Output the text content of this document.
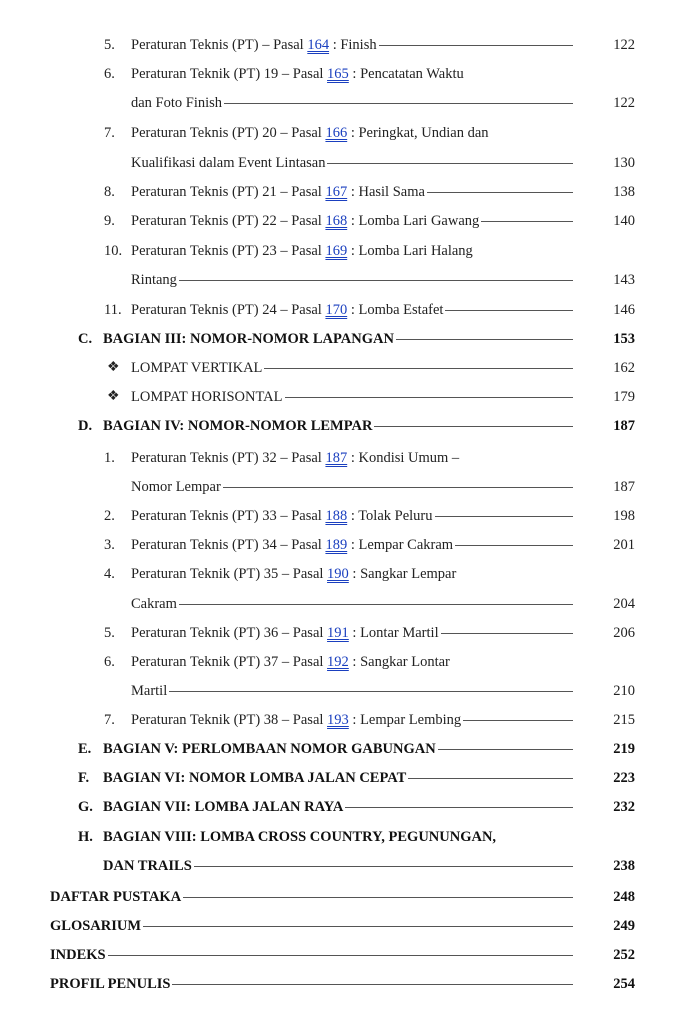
5. Peraturan Teknis (PT) – Pasal 164 : Finish	122
6. Peraturan Teknik (PT) 19 – Pasal 165 : Pencatatan Waktu
dan Foto Finish	122
7. Peraturan Teknis (PT) 20 – Pasal 166 : Peringkat, Undian dan
Kualifikasi dalam Event Lintasan	130
8. Peraturan Teknis (PT) 21 – Pasal 167 : Hasil Sama	138
9. Peraturan Teknis (PT) 22 – Pasal 168 : Lomba Lari Gawang	140
10. Peraturan Teknis (PT) 23 – Pasal 169 : Lomba Lari Halang
Rintang	143
11. Peraturan Teknis (PT) 24 – Pasal 170 : Lomba Estafet	146
C. BAGIAN III: NOMOR-NOMOR LAPANGAN	153
❖ LOMPAT VERTIKAL	162
❖ LOMPAT HORISONTAL	179
D. BAGIAN IV: NOMOR-NOMOR LEMPAR	187
1. Peraturan Teknis (PT) 32 – Pasal 187 : Kondisi Umum –
Nomor Lempar	187
2. Peraturan Teknis (PT) 33 – Pasal 188 : Tolak Peluru	198
3. Peraturan Teknis (PT) 34 – Pasal 189 : Lempar Cakram	201
4. Peraturan Teknik (PT) 35 – Pasal 190 : Sangkar Lempar
Cakram	204
5. Peraturan Teknik (PT) 36 – Pasal 191 : Lontar Martil	206
6. Peraturan Teknik (PT) 37 – Pasal 192 : Sangkar Lontar
Martil	210
7. Peraturan Teknik (PT) 38 – Pasal 193 : Lempar Lembing	215
E. BAGIAN V: PERLOMBAAN NOMOR GABUNGAN	219
F. BAGIAN VI: NOMOR LOMBA JALAN CEPAT	223
G. BAGIAN VII: LOMBA JALAN RAYA	232
H. BAGIAN VIII: LOMBA CROSS COUNTRY, PEGUNUNGAN,
DAN TRAILS	238
DAFTAR PUSTAKA	248
GLOSARIUM	249
INDEKS	252
PROFIL PENULIS	254
